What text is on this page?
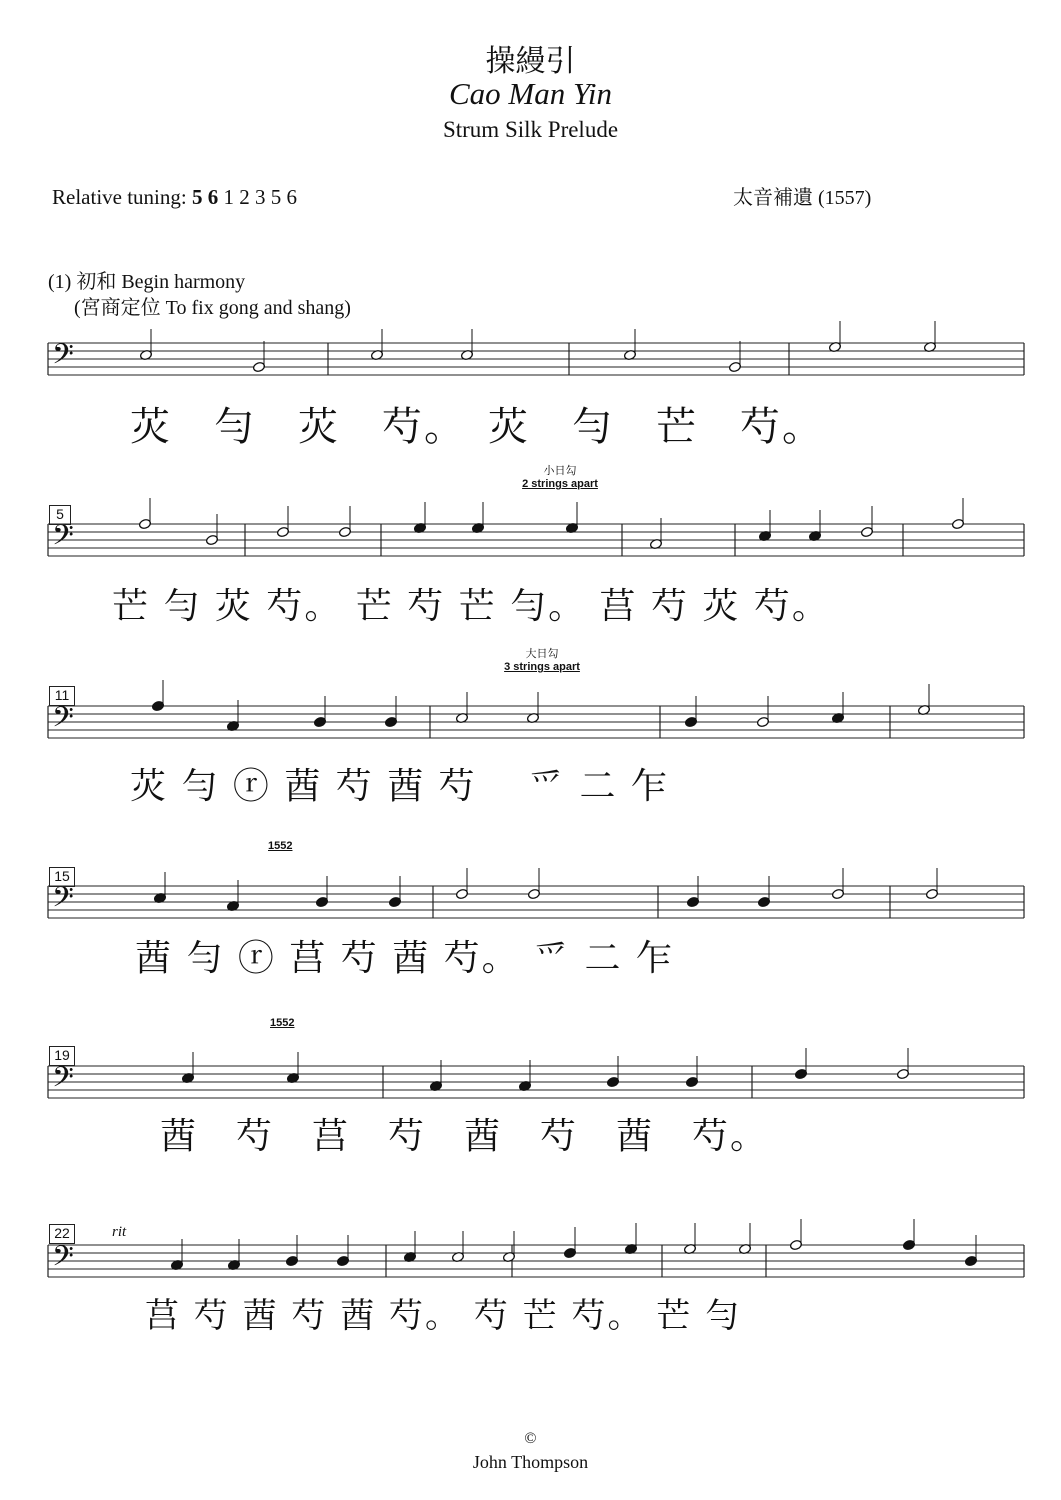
操縵引
Cao Man Yin
Strum Silk Prelude
Relative tuning: 5 6 1 2 3 5 6	太音補遺 (1557)
(1) 初和 Begin harmony
(宮商定位 To fix gong and shang)
𝄢
𝄢
𝄢
𝄢
𝄢
𝄢
5
11
15
19
22
小日勾
2 strings apart
大日勾
3 strings apart
1552
1552
rit
苂　勻　苂　芍。　苂　勻　芒　芍。
芒 勻 苂 芍。 芒 芍 芒 勻。 莒 芍 苂 芍。
苂 勻 ⓡ 莤 芍 莤 芍　 爫 二 乍
莤 勻 ⓡ 莒 芍 莤 芍。 爫 二 乍
莤　芍　莒　芍　莤　芍　莤　芍。
莒 芍 莤 芍 莤 芍。 芍 芒 芍。 芒 勻
©
John Thompson
